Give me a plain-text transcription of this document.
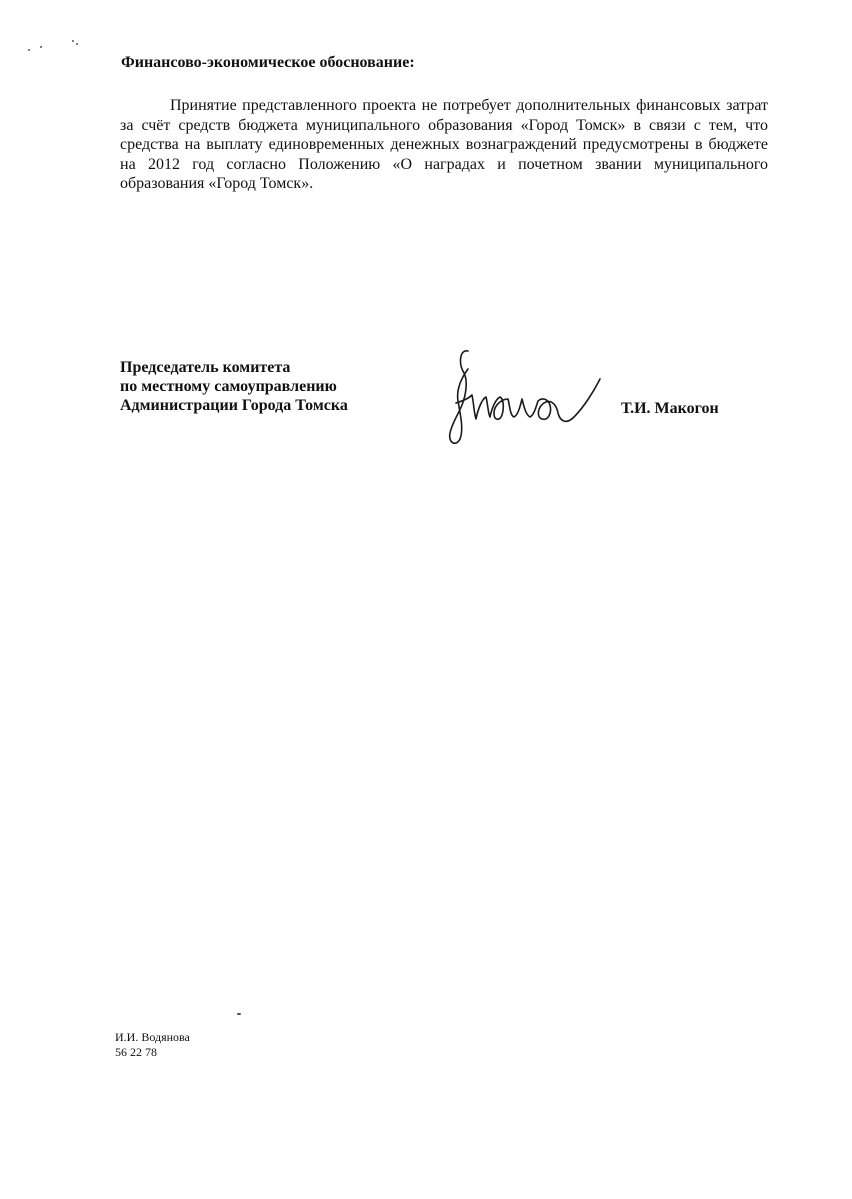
Финансово-экономическое обоснование:

Принятие представленного проекта не потребует дополнительных финансовых затрат за счёт средств бюджета муниципального образования «Город Томск» в связи с тем, что средства на выплату единовременных денежных вознаграждений предусмотрены в бюджете на 2012 год согласно Положению «О наградах и почетном звании муниципального образования «Город Томск».

Председатель комитета
по местному самоуправлению
Администрации Города Томска	Т.И. Макогон
И.И. Водянова
56 22 78
